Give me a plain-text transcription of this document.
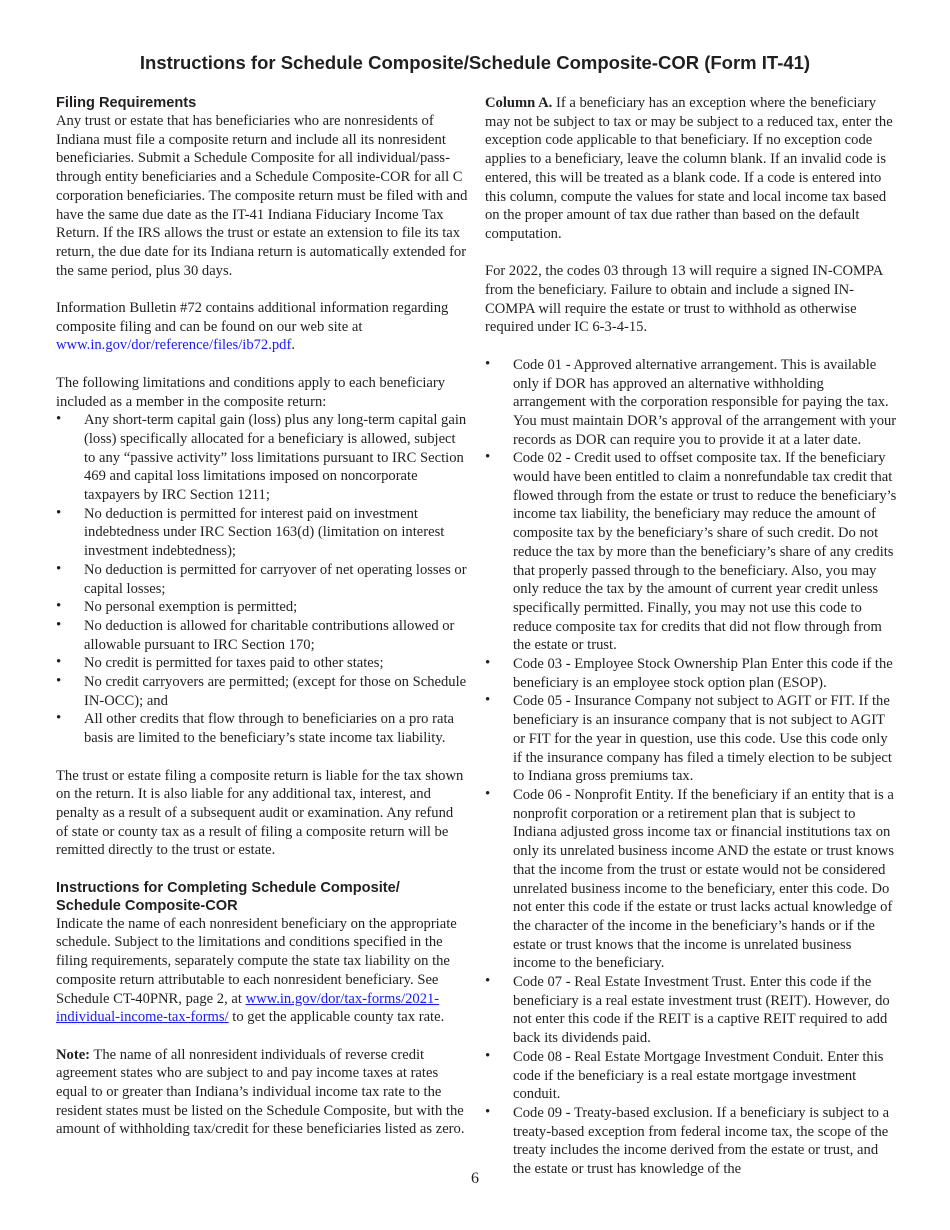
Instructions for Schedule Composite/Schedule Composite-COR (Form IT-41)
Filing Requirements

Any trust or estate that has beneficiaries who are nonresidents of Indiana must file a composite return and include all its nonresident beneficiaries. Submit a Schedule Composite for all individual/pass-through entity beneficiaries and a Schedule Composite-COR for all C corporation beneficiaries. The composite return must be filed with and have the same due date as the IT-41 Indiana Fiduciary Income Tax Return. If the IRS allows the trust or estate an extension to file its tax return, the due date for its Indiana return is automatically extended for the same period, plus 30 days.

Information Bulletin #72 contains additional information regarding composite filing and can be found on our web site at www.in.gov/dor/reference/files/ib72.pdf.

The following limitations and conditions apply to each beneficiary included as a member in the composite return:

• Any short-term capital gain (loss) plus any long-term capital gain (loss) specifically allocated for a beneficiary is allowed, subject to any “passive activity” loss limitations pursuant to IRC Section 469 and capital loss limitations imposed on noncorporate taxpayers by IRC Section 1211;
• No deduction is permitted for interest paid on investment indebtedness under IRC Section 163(d) (limitation on interest investment indebtedness);
• No deduction is permitted for carryover of net operating losses or capital losses;
• No personal exemption is permitted;
• No deduction is allowed for charitable contributions allowed or allowable pursuant to IRC Section 170;
• No credit is permitted for taxes paid to other states;
• No credit carryovers are permitted; (except for those on Schedule IN-OCC); and
• All other credits that flow through to beneficiaries on a pro rata basis are limited to the beneficiary’s state income tax liability.

The trust or estate filing a composite return is liable for the tax shown on the return. It is also liable for any additional tax, interest, and penalty as a result of a subsequent audit or examination. Any refund of state or county tax as a result of filing a composite return will be remitted directly to the trust or estate.

Instructions for Completing Schedule Composite/ Schedule Composite-COR

Indicate the name of each nonresident beneficiary on the appropriate schedule. Subject to the limitations and conditions specified in the filing requirements, separately compute the state tax liability on the composite return attributable to each nonresident beneficiary. See Schedule CT-40PNR, page 2, at www.in.gov/dor/tax-forms/2021-individual-income-tax-forms/ to get the applicable county tax rate.

Note: The name of all nonresident individuals of reverse credit agreement states who are subject to and pay income taxes at rates equal to or greater than Indiana’s individual income tax rate to the resident states must be listed on the Schedule Composite, but with the amount of withholding tax/credit for these beneficiaries listed as zero.

Column A. If a beneficiary has an exception where the beneficiary may not be subject to tax or may be subject to a reduced tax, enter the exception code applicable to that beneficiary. If no exception code applies to a beneficiary, leave the column blank. If an invalid code is entered, this will be treated as a blank code. If a code is entered into this column, compute the values for state and local income tax based on the proper amount of tax due rather than based on the default computation.

For 2022, the codes 03 through 13 will require a signed IN-COMPA from the beneficiary. Failure to obtain and include a signed IN-COMPA will require the estate or trust to withhold as otherwise required under IC 6-3-4-15.

• Code 01 - Approved alternative arrangement. This is available only if DOR has approved an alternative withholding arrangement with the corporation responsible for paying the tax. You must maintain DOR’s approval of the arrangement with your records as DOR can require you to provide it at a later date.
• Code 02 - Credit used to offset composite tax. If the beneficiary would have been entitled to claim a nonrefundable tax credit that flowed through from the estate or trust to reduce the beneficiary’s income tax liability, the beneficiary may reduce the amount of composite tax by the beneficiary’s share of such credit. Do not reduce the tax by more than the beneficiary’s share of any credits that properly passed through to the beneficiary. Also, you may only reduce the tax by the amount of current year credit unless specifically permitted. Finally, you may not use this code to reduce composite tax for credits that did not flow through from the estate or trust.
• Code 03 - Employee Stock Ownership Plan Enter this code if the beneficiary is an employee stock option plan (ESOP).
• Code 05 - Insurance Company not subject to AGIT or FIT. If the beneficiary is an insurance company that is not subject to AGIT or FIT for the year in question, use this code. Use this code only if the insurance company has filed a timely election to be subject to Indiana gross premiums tax.
• Code 06 - Nonprofit Entity. If the beneficiary if an entity that is a nonprofit corporation or a retirement plan that is subject to Indiana adjusted gross income tax or financial institutions tax on only its unrelated business income AND the estate or trust knows that the income from the trust or estate would not be considered unrelated business income to the beneficiary, enter this code. Do not enter this code if the estate or trust lacks actual knowledge of the character of the income in the beneficiary’s hands or if the estate or trust knows that the income is unrelated business income to the beneficiary.
• Code 07 - Real Estate Investment Trust. Enter this code if the beneficiary is a real estate investment trust (REIT). However, do not enter this code if the REIT is a captive REIT required to add back its dividends paid.
• Code 08 - Real Estate Mortgage Investment Conduit. Enter this code if the beneficiary is a real estate mortgage investment conduit.
• Code 09 - Treaty-based exclusion. If a beneficiary is subject to a treaty-based exception from federal income tax, the scope of the treaty includes the income derived from the estate or trust, and the estate or trust has knowledge of the
6
